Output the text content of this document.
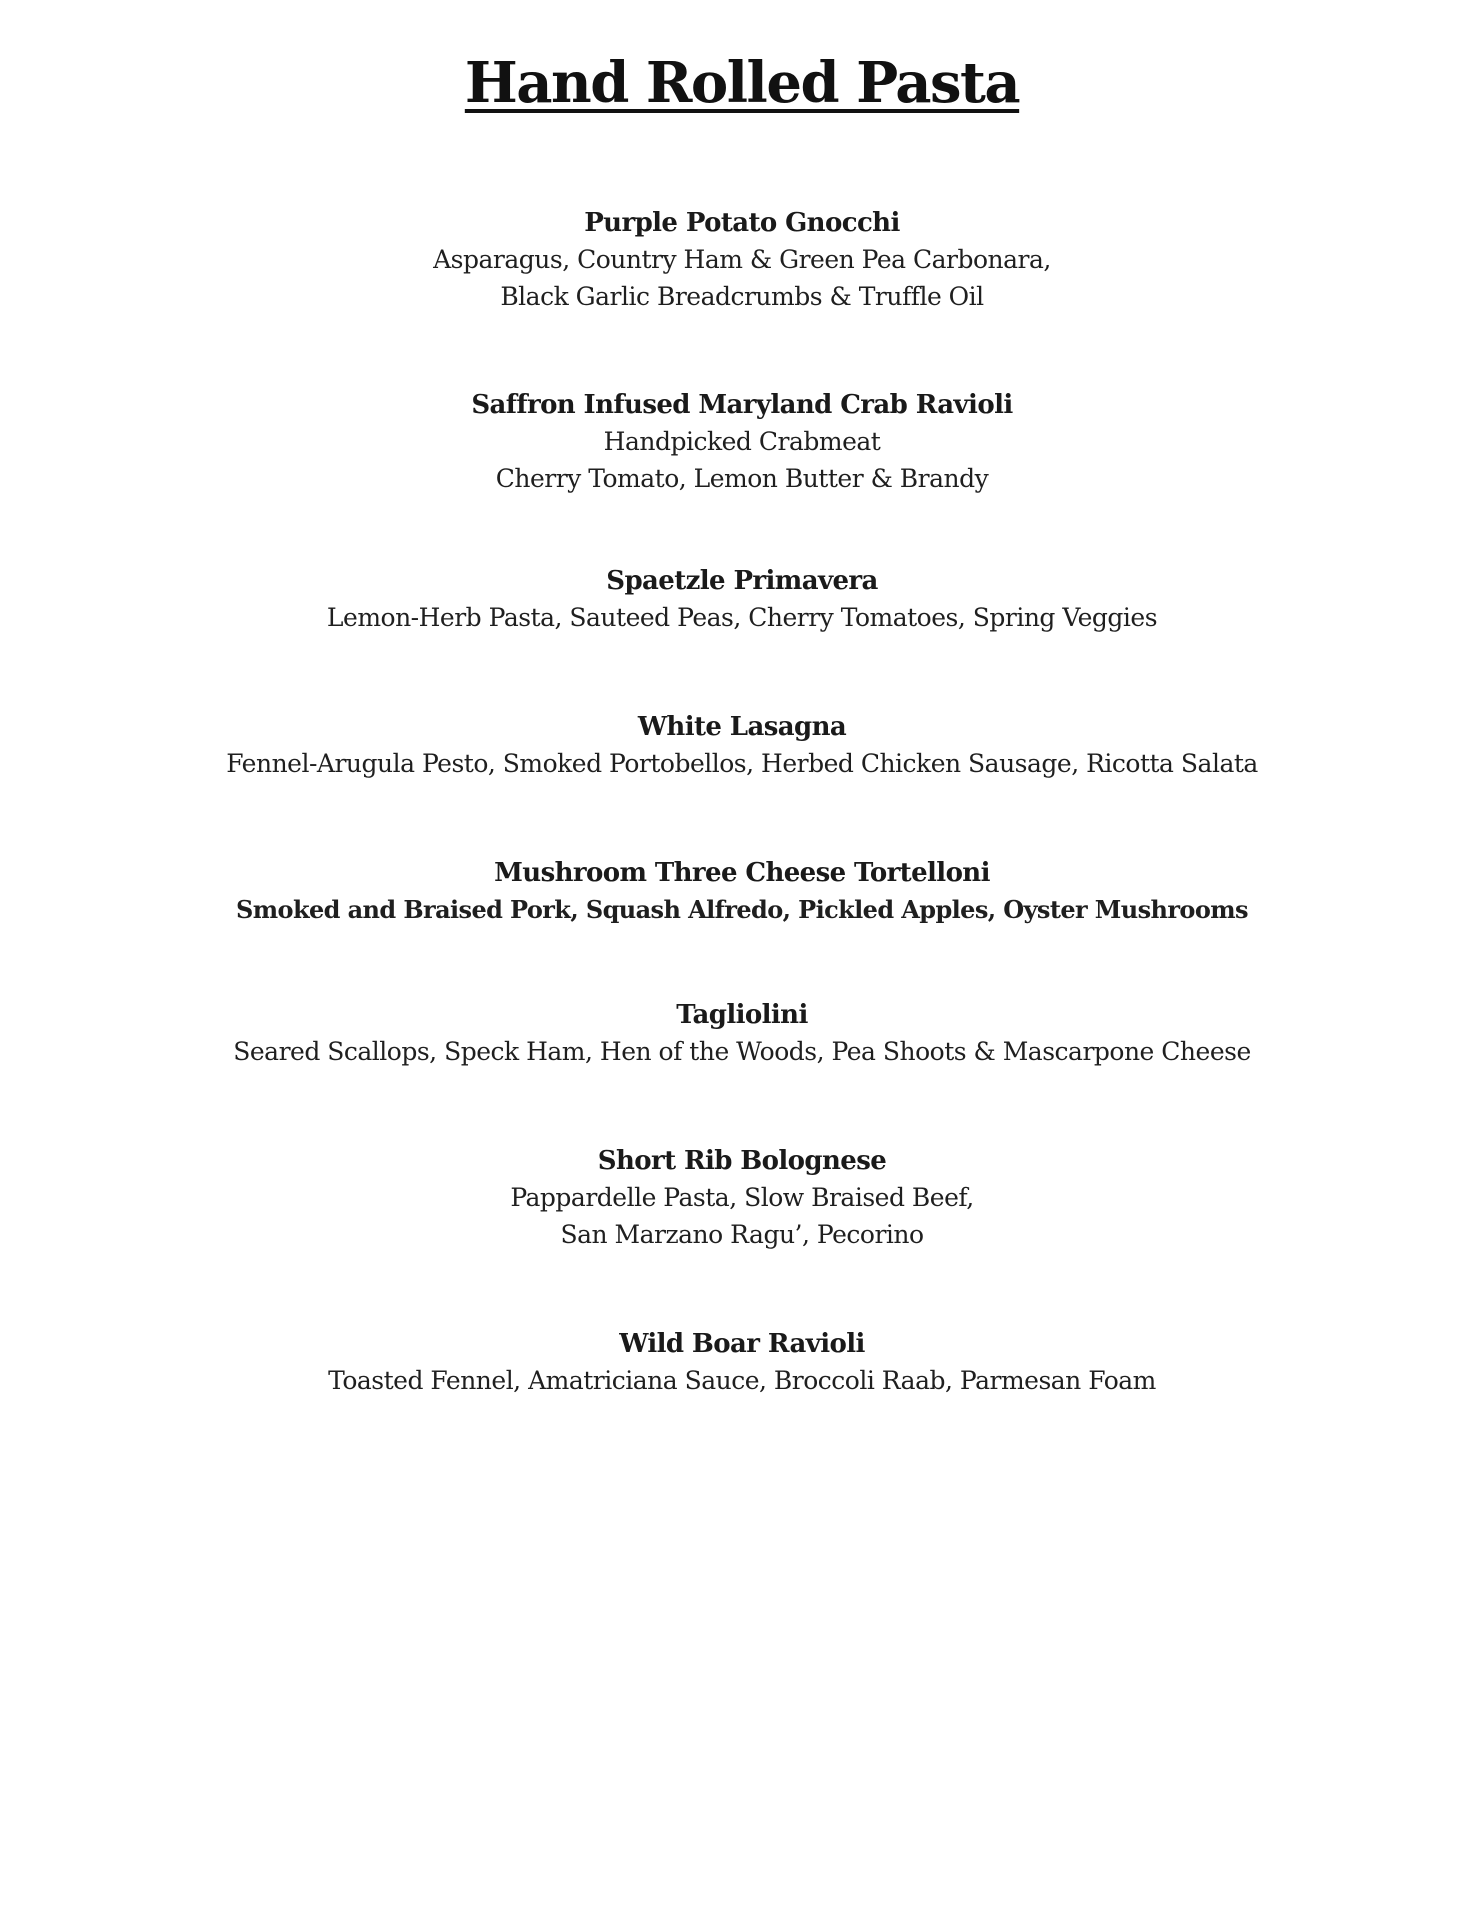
Hand Rolled Pasta
Purple Potato Gnocchi
Asparagus, Country Ham & Green Pea Carbonara,
Black Garlic Breadcrumbs & Truffle Oil
Saffron Infused Maryland Crab Ravioli
Handpicked Crabmeat
Cherry Tomato, Lemon Butter & Brandy
Spaetzle Primavera
Lemon-Herb Pasta, Sauteed Peas, Cherry Tomatoes, Spring Veggies
White Lasagna
Fennel-Arugula Pesto, Smoked Portobellos, Herbed Chicken Sausage, Ricotta Salata
Mushroom Three Cheese Tortelloni
Smoked and Braised Pork, Squash Alfredo, Pickled Apples, Oyster Mushrooms
Tagliolini
Seared Scallops, Speck Ham, Hen of the Woods, Pea Shoots & Mascarpone Cheese
Short Rib Bolognese
Pappardelle Pasta, Slow Braised Beef,
San Marzano Ragu’, Pecorino
Wild Boar Ravioli
Toasted Fennel, Amatriciana Sauce, Broccoli Raab, Parmesan Foam
